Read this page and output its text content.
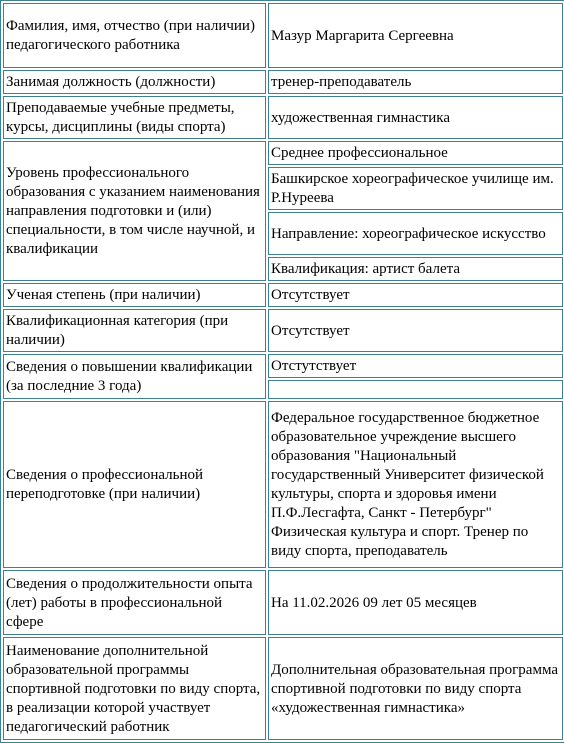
Фамилия, имя, отчество (при наличии) педагогического работника	Мазур Маргарита Сергеевна
Занимая должность (должности)	тренер-преподаватель
Преподаваемые учебные предметы, курсы, дисциплины (виды спорта)	художественная гимнастика
Уровень профессионального образования с указанием наименования направления подготовки и (или) специальности, в том числе научной, и квалификации	Среднее профессиональное
	Башкирское хореографическое училище им. Р.Нуреева
	Направление: хореографическое искусство
	Квалификация: артист балета
Ученая степень (при наличии)	Отсутствует
Квалификационная категория (при наличии)	Отсутствует
Сведения о повышении квалификации (за последние 3 года)	Отстутствует

Сведения о профессиональной переподготовке (при наличии)	Федеральное государственное бюджетное образовательное учреждение высшего образования "Национальный государственный Университет физической культуры, спорта и здоровья имени П.Ф.Лесгафта, Санкт - Петербург" Физическая культура и спорт. Тренер по виду спорта, преподаватель
Сведения о продолжительности опыта (лет) работы в профессиональной сфере	На 11.02.2026 09 лет 05 месяцев
Наименование дополнительной образовательной программы спортивной подготовки по виду спорта, в реализации которой участвует педагогический работник	Дополнительная образовательная программа спортивной подготовки по виду спорта «художественная гимнастика»
